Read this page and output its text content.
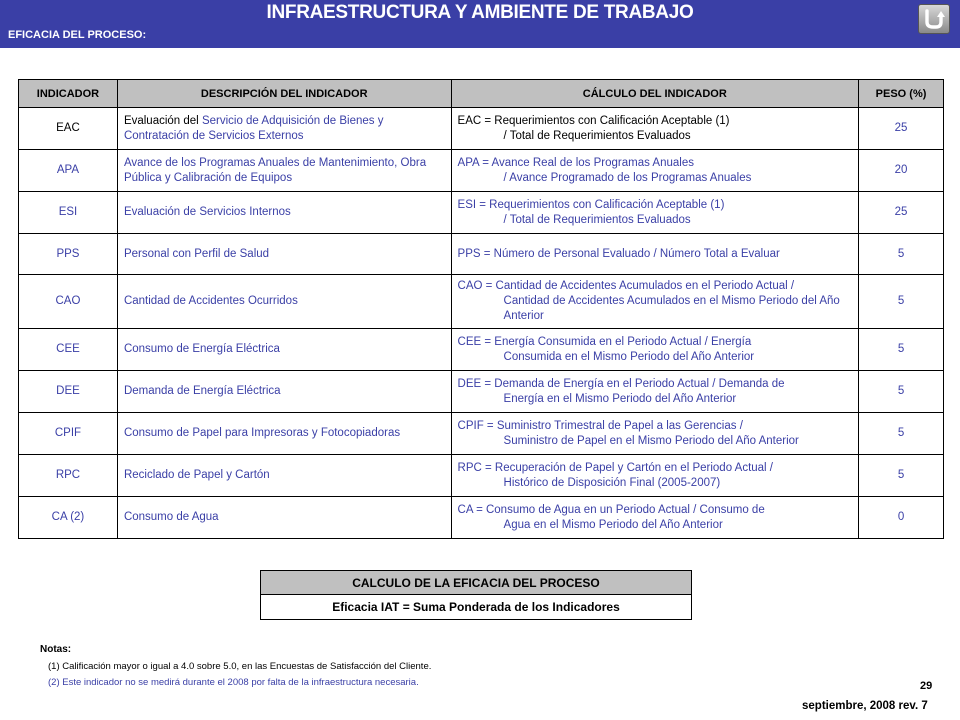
INFRAESTRUCTURA Y AMBIENTE DE TRABAJO
EFICACIA DEL PROCESO:
INDICADOR	DESCRIPCIÓN DEL INDICADOR	CÁLCULO DEL INDICADOR	PESO (%)
EAC	Evaluación del Servicio de Adquisición de Bienes y Contratación de Servicios Externos	EAC = Requerimientos con Calificación Aceptable (1)
/ Total de Requerimientos Evaluados	25
APA	Avance de los Programas Anuales de Mantenimiento, Obra Pública y Calibración de Equipos	APA = Avance Real de los Programas Anuales
/ Avance Programado de los Programas Anuales	20
ESI	Evaluación de Servicios Internos	ESI = Requerimientos con Calificación Aceptable (1)
/ Total de Requerimientos Evaluados	25
PPS	Personal con Perfil de Salud	PPS = Número de Personal Evaluado / Número Total a Evaluar	5
CAO	Cantidad de Accidentes Ocurridos	CAO = Cantidad de Accidentes Acumulados en el Periodo Actual /
Cantidad de Accidentes Acumulados en el Mismo Periodo del Año Anterior	5
CEE	Consumo de Energía Eléctrica	CEE = Energía Consumida en el Periodo Actual / Energía
Consumida en el Mismo Periodo del Año Anterior	5
DEE	Demanda de Energía Eléctrica	DEE = Demanda de Energía en el Periodo Actual / Demanda de
Energía en el Mismo Periodo del Año Anterior	5
CPIF	Consumo de Papel para Impresoras y Fotocopiadoras	CPIF = Suministro Trimestral de Papel a las Gerencias /
Suministro de Papel en el Mismo Periodo del Año Anterior	5
RPC	Reciclado de Papel y Cartón	RPC = Recuperación de Papel y Cartón en el Periodo Actual /
Histórico de Disposición Final (2005-2007)	5
CA (2)	Consumo de Agua	CA = Consumo de Agua en un Periodo Actual / Consumo de
Agua en el Mismo Periodo del Año Anterior	0
CALCULO DE LA EFICACIA DEL PROCESO
Eficacia IAT = Suma Ponderada de los Indicadores
Notas:
(1) Calificación mayor o igual a 4.0 sobre 5.0, en las Encuestas de Satisfacción del Cliente.
(2) Este indicador no se medirá durante el 2008 por falta de la infraestructura necesaria.	29
septiembre, 2008 rev. 7
